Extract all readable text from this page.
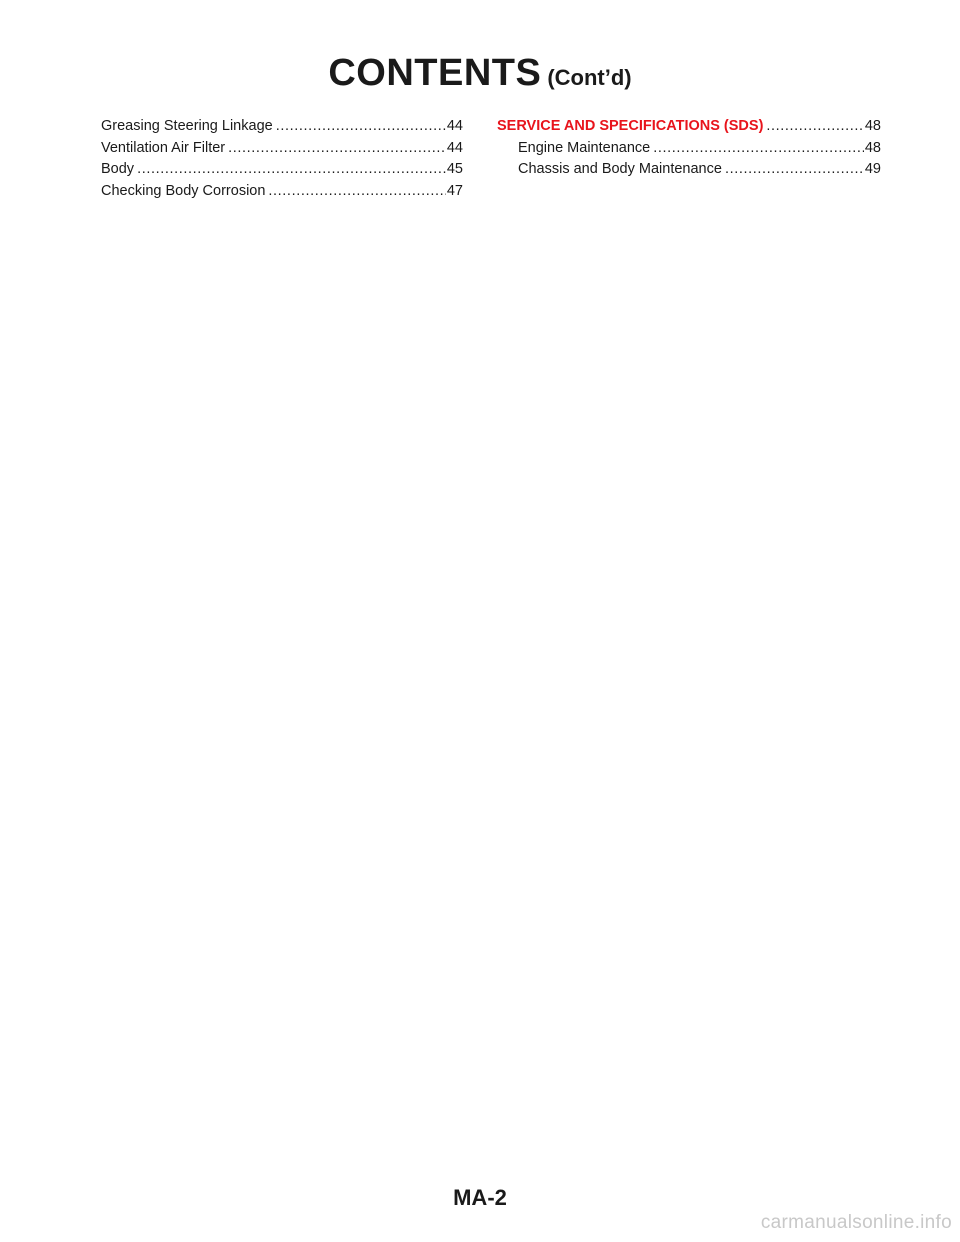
CONTENTS (Cont’d)
Greasing Steering Linkage .....	44
Ventilation Air Filter .....	44
Body .....	45
Checking Body Corrosion .....	47
SERVICE AND SPECIFICATIONS (SDS) .....	48
Engine Maintenance .....	48
Chassis and Body Maintenance .....	49
MA-2
carmanualsonline.info
